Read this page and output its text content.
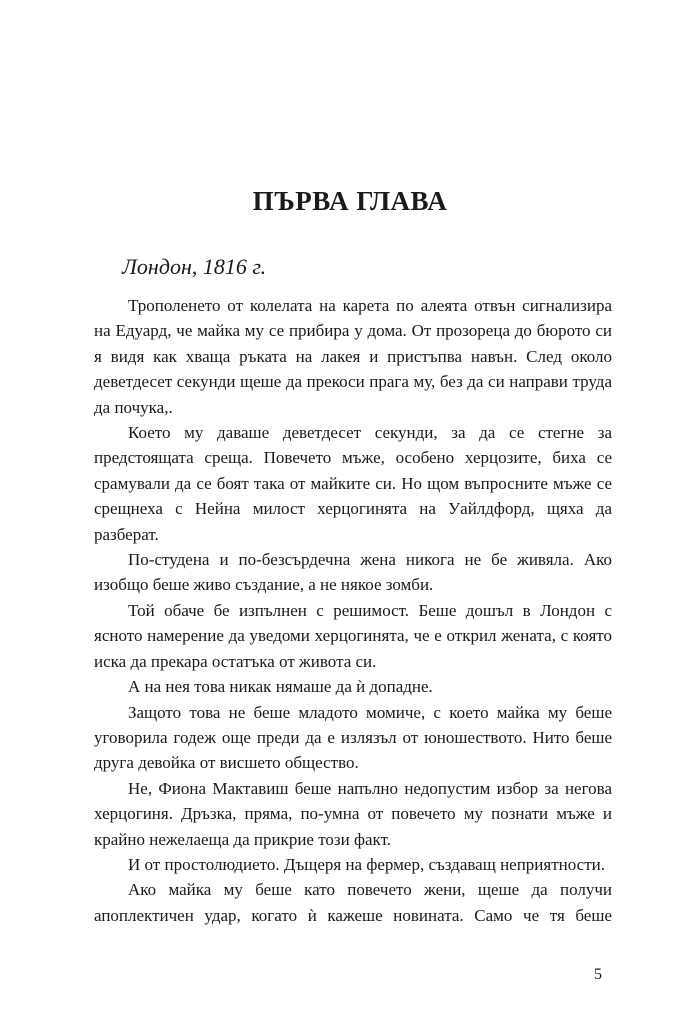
ПЪРВА ГЛАВА

Лондон, 1816 г.

Трополенето от колелата на карета по алеята отвън сигнализира на Едуард, че майка му се прибира у дома. От прозореца до бюрото си я видя как хваща ръката на лакея и пристъпва навън. След около деветдесет секунди щеше да прекоси прага му, без да си направи труда да почука,.

Което му даваше деветдесет секунди, за да се стегне за предстоящата среща. Повечето мъже, особено херцозите, биха се срамували да се боят така от майките си. Но щом въпросните мъже се срещнеха с Нейна милост херцогинята на Уайлдфорд, щяха да разберат.

По-студена и по-безсърдечна жена никога не бе живяла. Ако изобщо беше живо създание, а не някое зомби.

Той обаче бе изпълнен с решимост. Беше дошъл в Лондон с ясното намерение да уведоми херцогинята, че е открил жената, с която иска да прекара остатъка от живота си.

А на нея това никак нямаше да ѝ допадне.

Защото това не беше младото момиче, с което майка му беше уговорила годеж още преди да е излязъл от юношеството. Нито беше друга девойка от висшето общество.

Не, Фиона Мактавиш беше напълно недопустим избор за негова херцогиня. Дръзка, пряма, по-умна от повечето му познати мъже и крайно нежелаеща да прикрие този факт.

И от простолюдието. Дъщеря на фермер, създаващ неприятности.

Ако майка му беше като повечето жени, щеше да получи апоплектичен удар, когато ѝ кажеше новината. Само че тя беше

5
